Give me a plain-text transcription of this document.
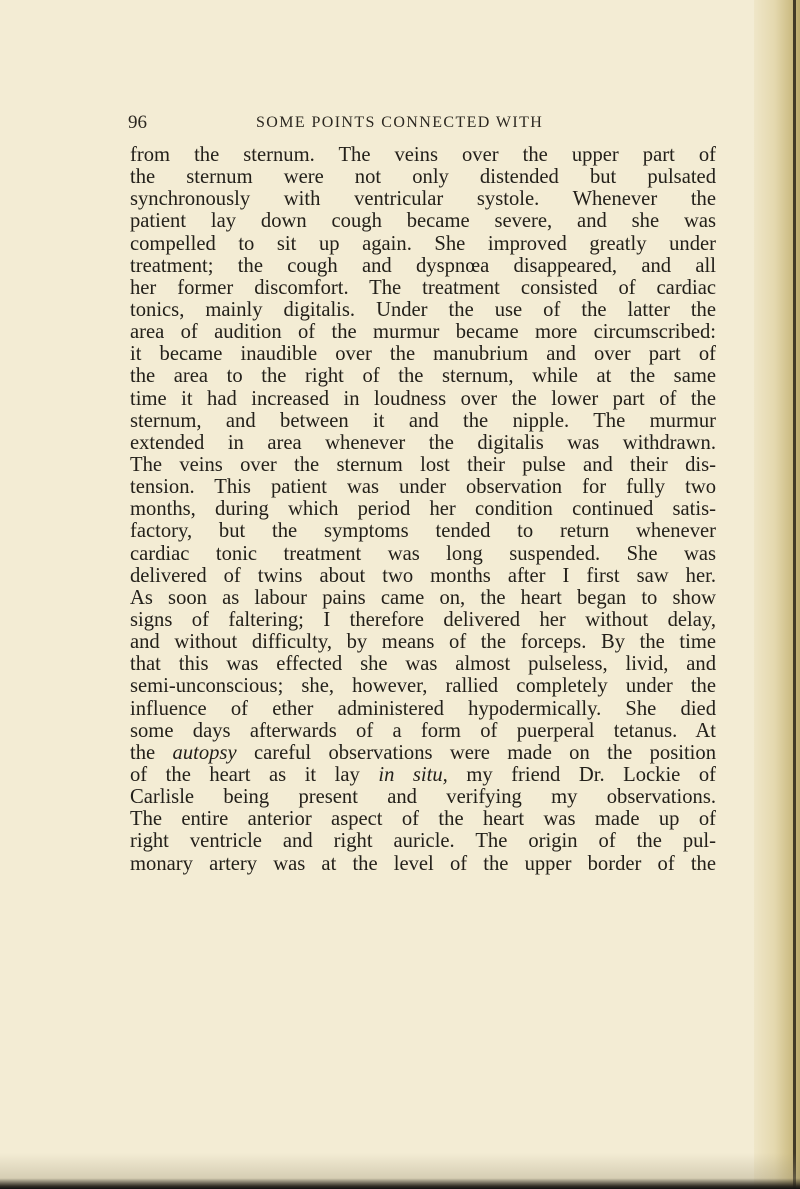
96	SOME POINTS CONNECTED WITH
from the sternum. The veins over the upper part of
the sternum were not only distended but pulsated
synchronously with ventricular systole. Whenever the
patient lay down cough became severe, and she was
compelled to sit up again. She improved greatly under
treatment; the cough and dyspnœa disappeared, and all
her former discomfort. The treatment consisted of cardiac
tonics, mainly digitalis. Under the use of the latter the
area of audition of the murmur became more circumscribed:
it became inaudible over the manubrium and over part of
the area to the right of the sternum, while at the same
time it had increased in loudness over the lower part of the
sternum, and between it and the nipple. The murmur
extended in area whenever the digitalis was withdrawn.
The veins over the sternum lost their pulse and their dis-
tension. This patient was under observation for fully two
months, during which period her condition continued satis-
factory, but the symptoms tended to return whenever
cardiac tonic treatment was long suspended. She was
delivered of twins about two months after I first saw her.
As soon as labour pains came on, the heart began to show
signs of faltering; I therefore delivered her without delay,
and without difficulty, by means of the forceps. By the time
that this was effected she was almost pulseless, livid, and
semi-unconscious; she, however, rallied completely under the
influence of ether administered hypodermically. She died
some days afterwards of a form of puerperal tetanus. At
the autopsy careful observations were made on the position
of the heart as it lay in situ, my friend Dr. Lockie of
Carlisle being present and verifying my observations.
The entire anterior aspect of the heart was made up of
right ventricle and right auricle. The origin of the pul-
monary artery was at the level of the upper border of the
